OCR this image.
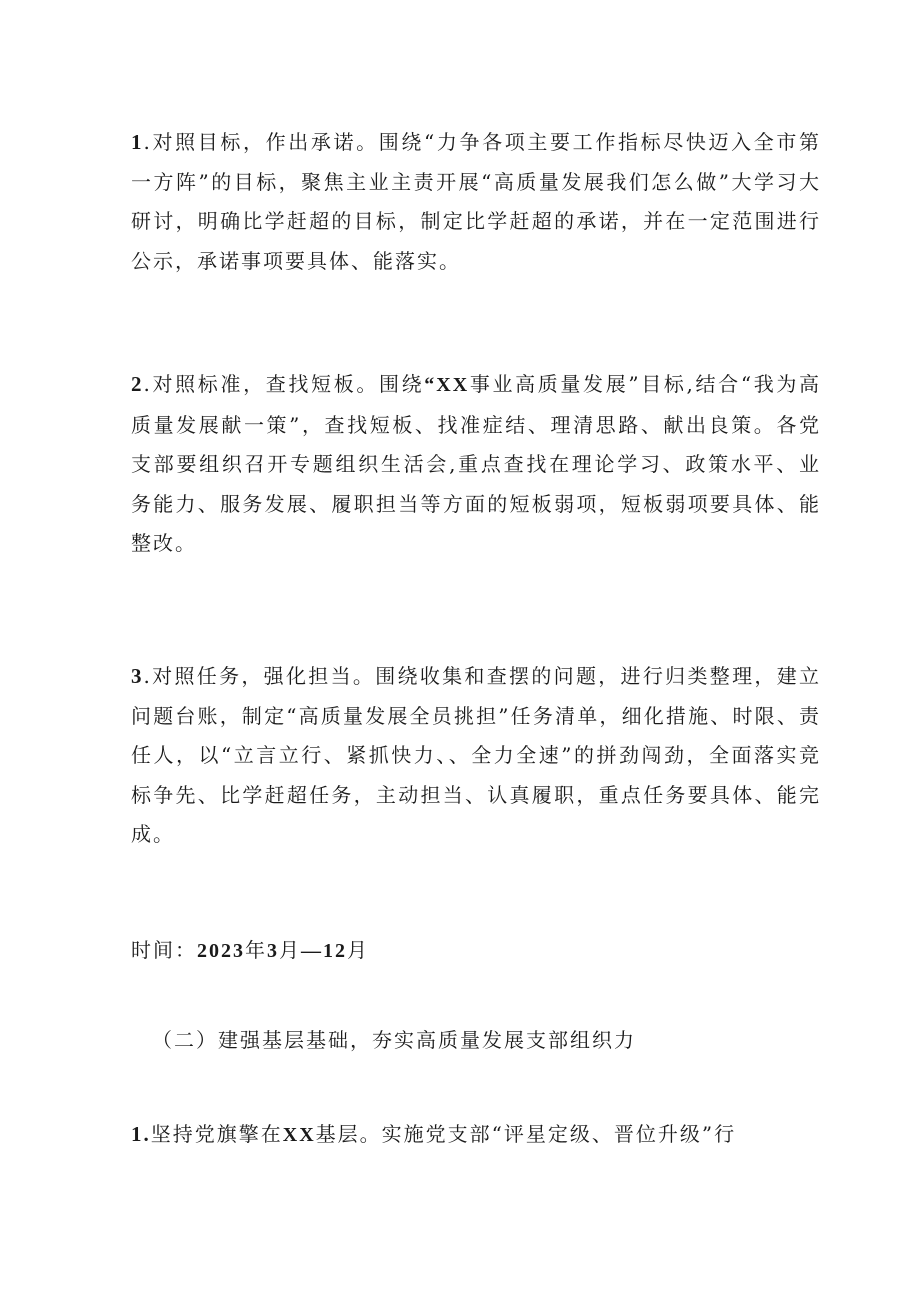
1.对照目标，作出承诺。围绕“力争各项主要工作指标尽快迈入全市第一方阵”的目标，聚焦主业主责开展“高质量发展我们怎么做”大学习大研讨，明确比学赶超的目标，制定比学赶超的承诺，并在一定范围进行公示，承诺事项要具体、能落实。

2.对照标准，查找短板。围绕“XX事业高质量发展”目标,结合“我为高质量发展献一策”，查找短板、找准症结、理清思路、献出良策。各党支部要组织召开专题组织生活会,重点查找在理论学习、政策水平、业务能力、服务发展、履职担当等方面的短板弱项，短板弱项要具体、能整改。

3.对照任务，强化担当。围绕收集和查摆的问题，进行归类整理，建立问题台账，制定“高质量发展全员挑担”任务清单，细化措施、时限、责任人，以“立言立行、紧抓快力、、全力全速”的拼劲闯劲，全面落实竞标争先、比学赶超任务，主动担当、认真履职，重点任务要具体、能完成。

时间：2023年3月—12月

（二）建强基层基础，夯实高质量发展支部组织力

1.坚持党旗擎在XX基层。实施党支部“评星定级、晋位升级”行
